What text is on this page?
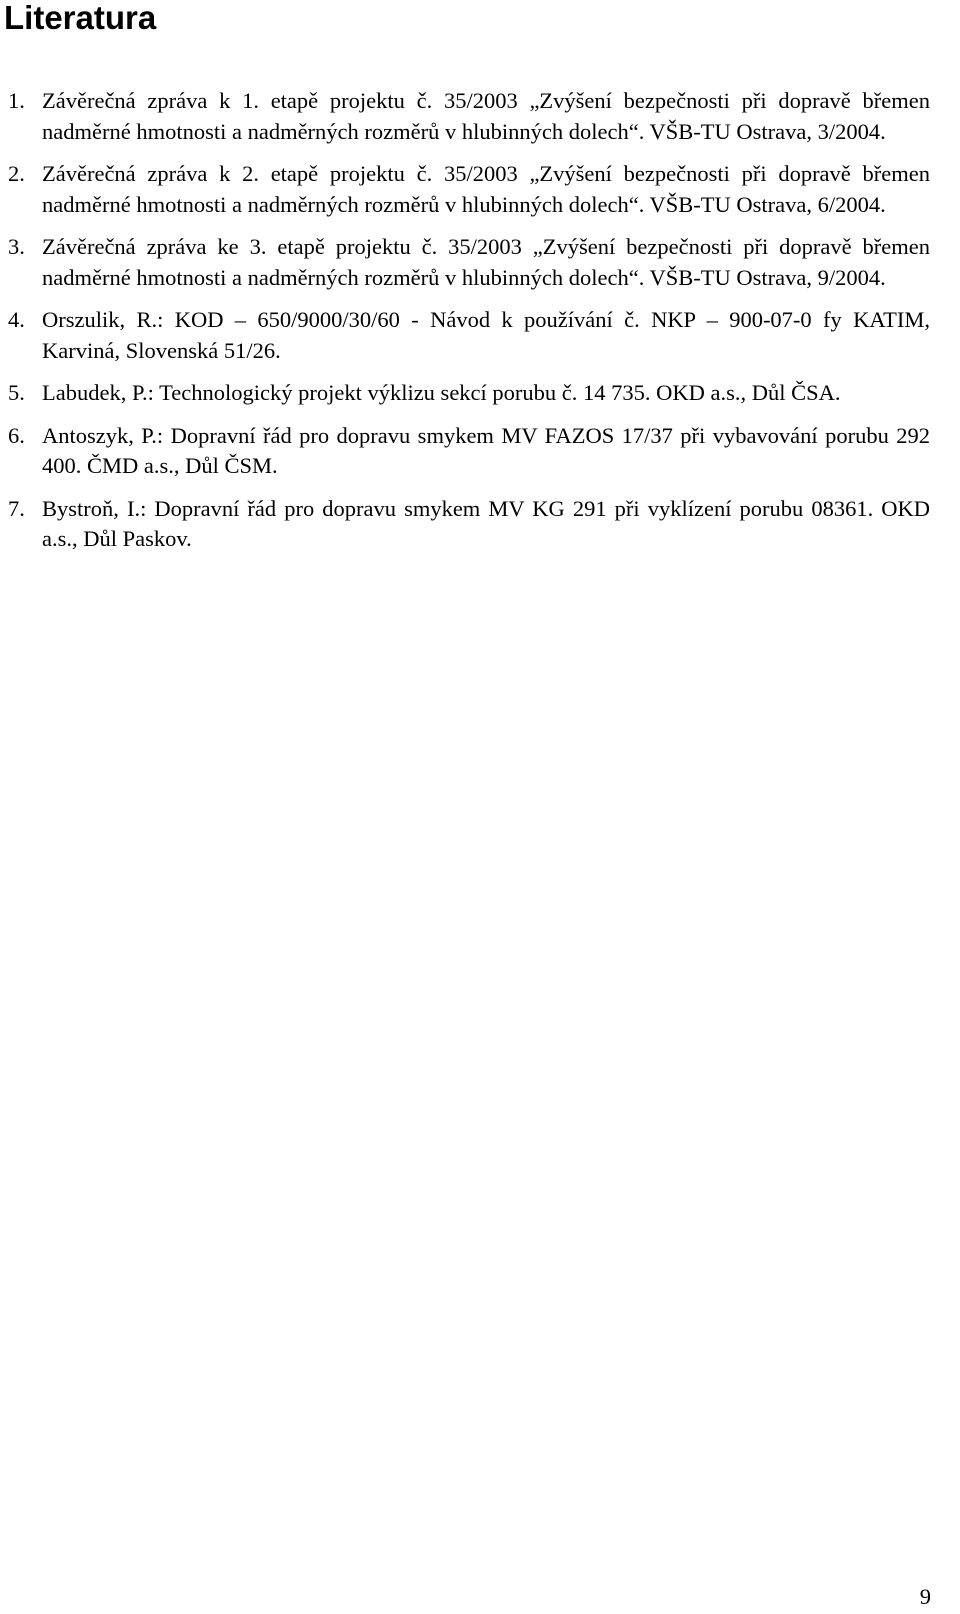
Literatura
1. Závěrečná zpráva k 1. etapě projektu č. 35/2003 „Zvýšení bezpečnosti při dopravě břemen nadměrné hmotnosti a nadměrných rozměrů v hlubinných dolech“. VŠB-TU Ostrava, 3/2004.
2. Závěrečná zpráva k 2. etapě projektu č. 35/2003 „Zvýšení bezpečnosti při dopravě břemen nadměrné hmotnosti a nadměrných rozměrů v hlubinných dolech“. VŠB-TU Ostrava, 6/2004.
3. Závěrečná zpráva ke 3. etapě projektu č. 35/2003 „Zvýšení bezpečnosti při dopravě břemen nadměrné hmotnosti a nadměrných rozměrů v hlubinných dolech“. VŠB-TU Ostrava, 9/2004.
4. Orszulik, R.: KOD – 650/9000/30/60 - Návod k používání č. NKP – 900-07-0 fy KATIM, Karviná, Slovenská 51/26.
5. Labudek, P.: Technologický projekt výklizu sekcí porubu č. 14 735. OKD a.s., Důl ČSA.
6. Antoszyk, P.: Dopravní řád pro dopravu smykem MV FAZOS 17/37 při vybavování porubu 292 400. ČMD a.s., Důl ČSM.
7. Bystroň, I.: Dopravní řád pro dopravu smykem MV KG 291 při vyklízení porubu 08361. OKD a.s., Důl Paskov.
9
